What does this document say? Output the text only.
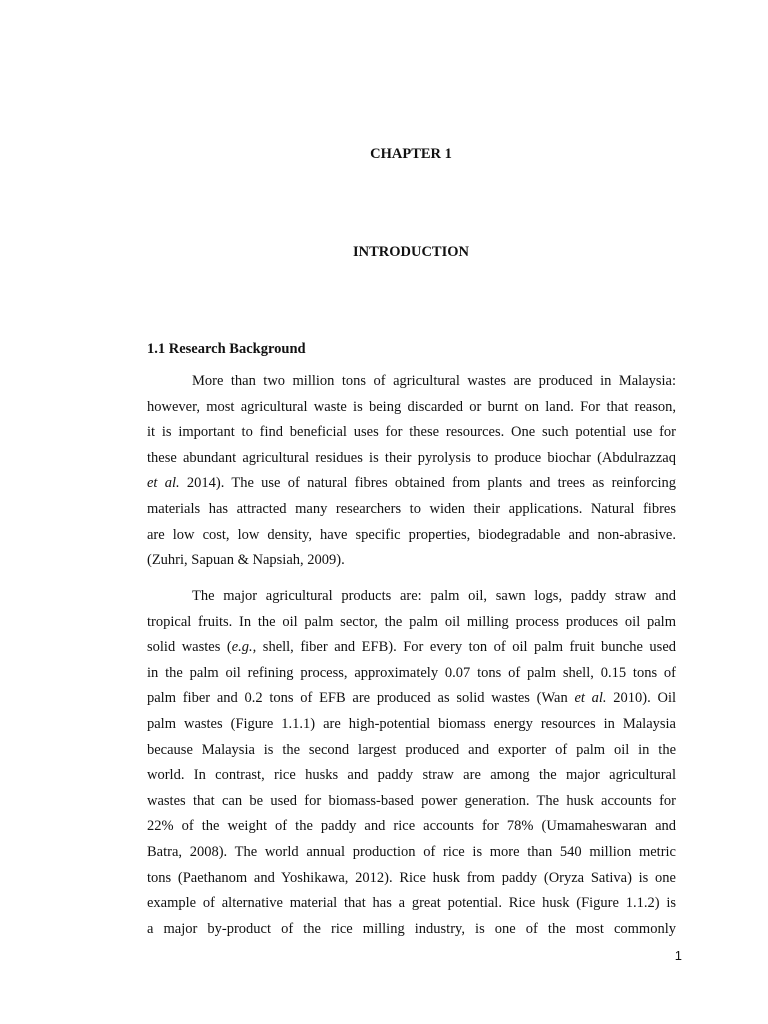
CHAPTER 1
INTRODUCTION
1.1 Research Background
More than two million tons of agricultural wastes are produced in Malaysia:
however, most agricultural waste is being discarded or burnt on land. For that reason,
it is important to find beneficial uses for these resources. One such potential use for
these abundant agricultural residues is their pyrolysis to produce biochar (Abdulrazzaq
et al. 2014). The use of natural fibres obtained from plants and trees as reinforcing
materials has attracted many researchers to widen their applications. Natural fibres
are low cost, low density, have specific properties, biodegradable and non-abrasive.
(Zuhri, Sapuan & Napsiah, 2009).
The major agricultural products are: palm oil, sawn logs, paddy straw and
tropical fruits. In the oil palm sector, the palm oil milling process produces oil palm
solid wastes (e.g., shell, fiber and EFB). For every ton of oil palm fruit bunche used
in the palm oil refining process, approximately 0.07 tons of palm shell, 0.15 tons of
palm fiber and 0.2 tons of EFB are produced as solid wastes (Wan et al. 2010). Oil
palm wastes (Figure 1.1.1) are high-potential biomass energy resources in Malaysia
because Malaysia is the second largest produced and exporter of palm oil in the
world. In contrast, rice husks and paddy straw are among the major agricultural
wastes that can be used for biomass-based power generation. The husk accounts for
22% of the weight of the paddy and rice accounts for 78% (Umamaheswaran and
Batra, 2008). The world annual production of rice is more than 540 million metric
tons (Paethanom and Yoshikawa, 2012). Rice husk from paddy (Oryza Sativa) is one
example of alternative material that has a great potential. Rice husk (Figure 1.1.2) is
a major by-product of the rice milling industry, is one of the most commonly
1
